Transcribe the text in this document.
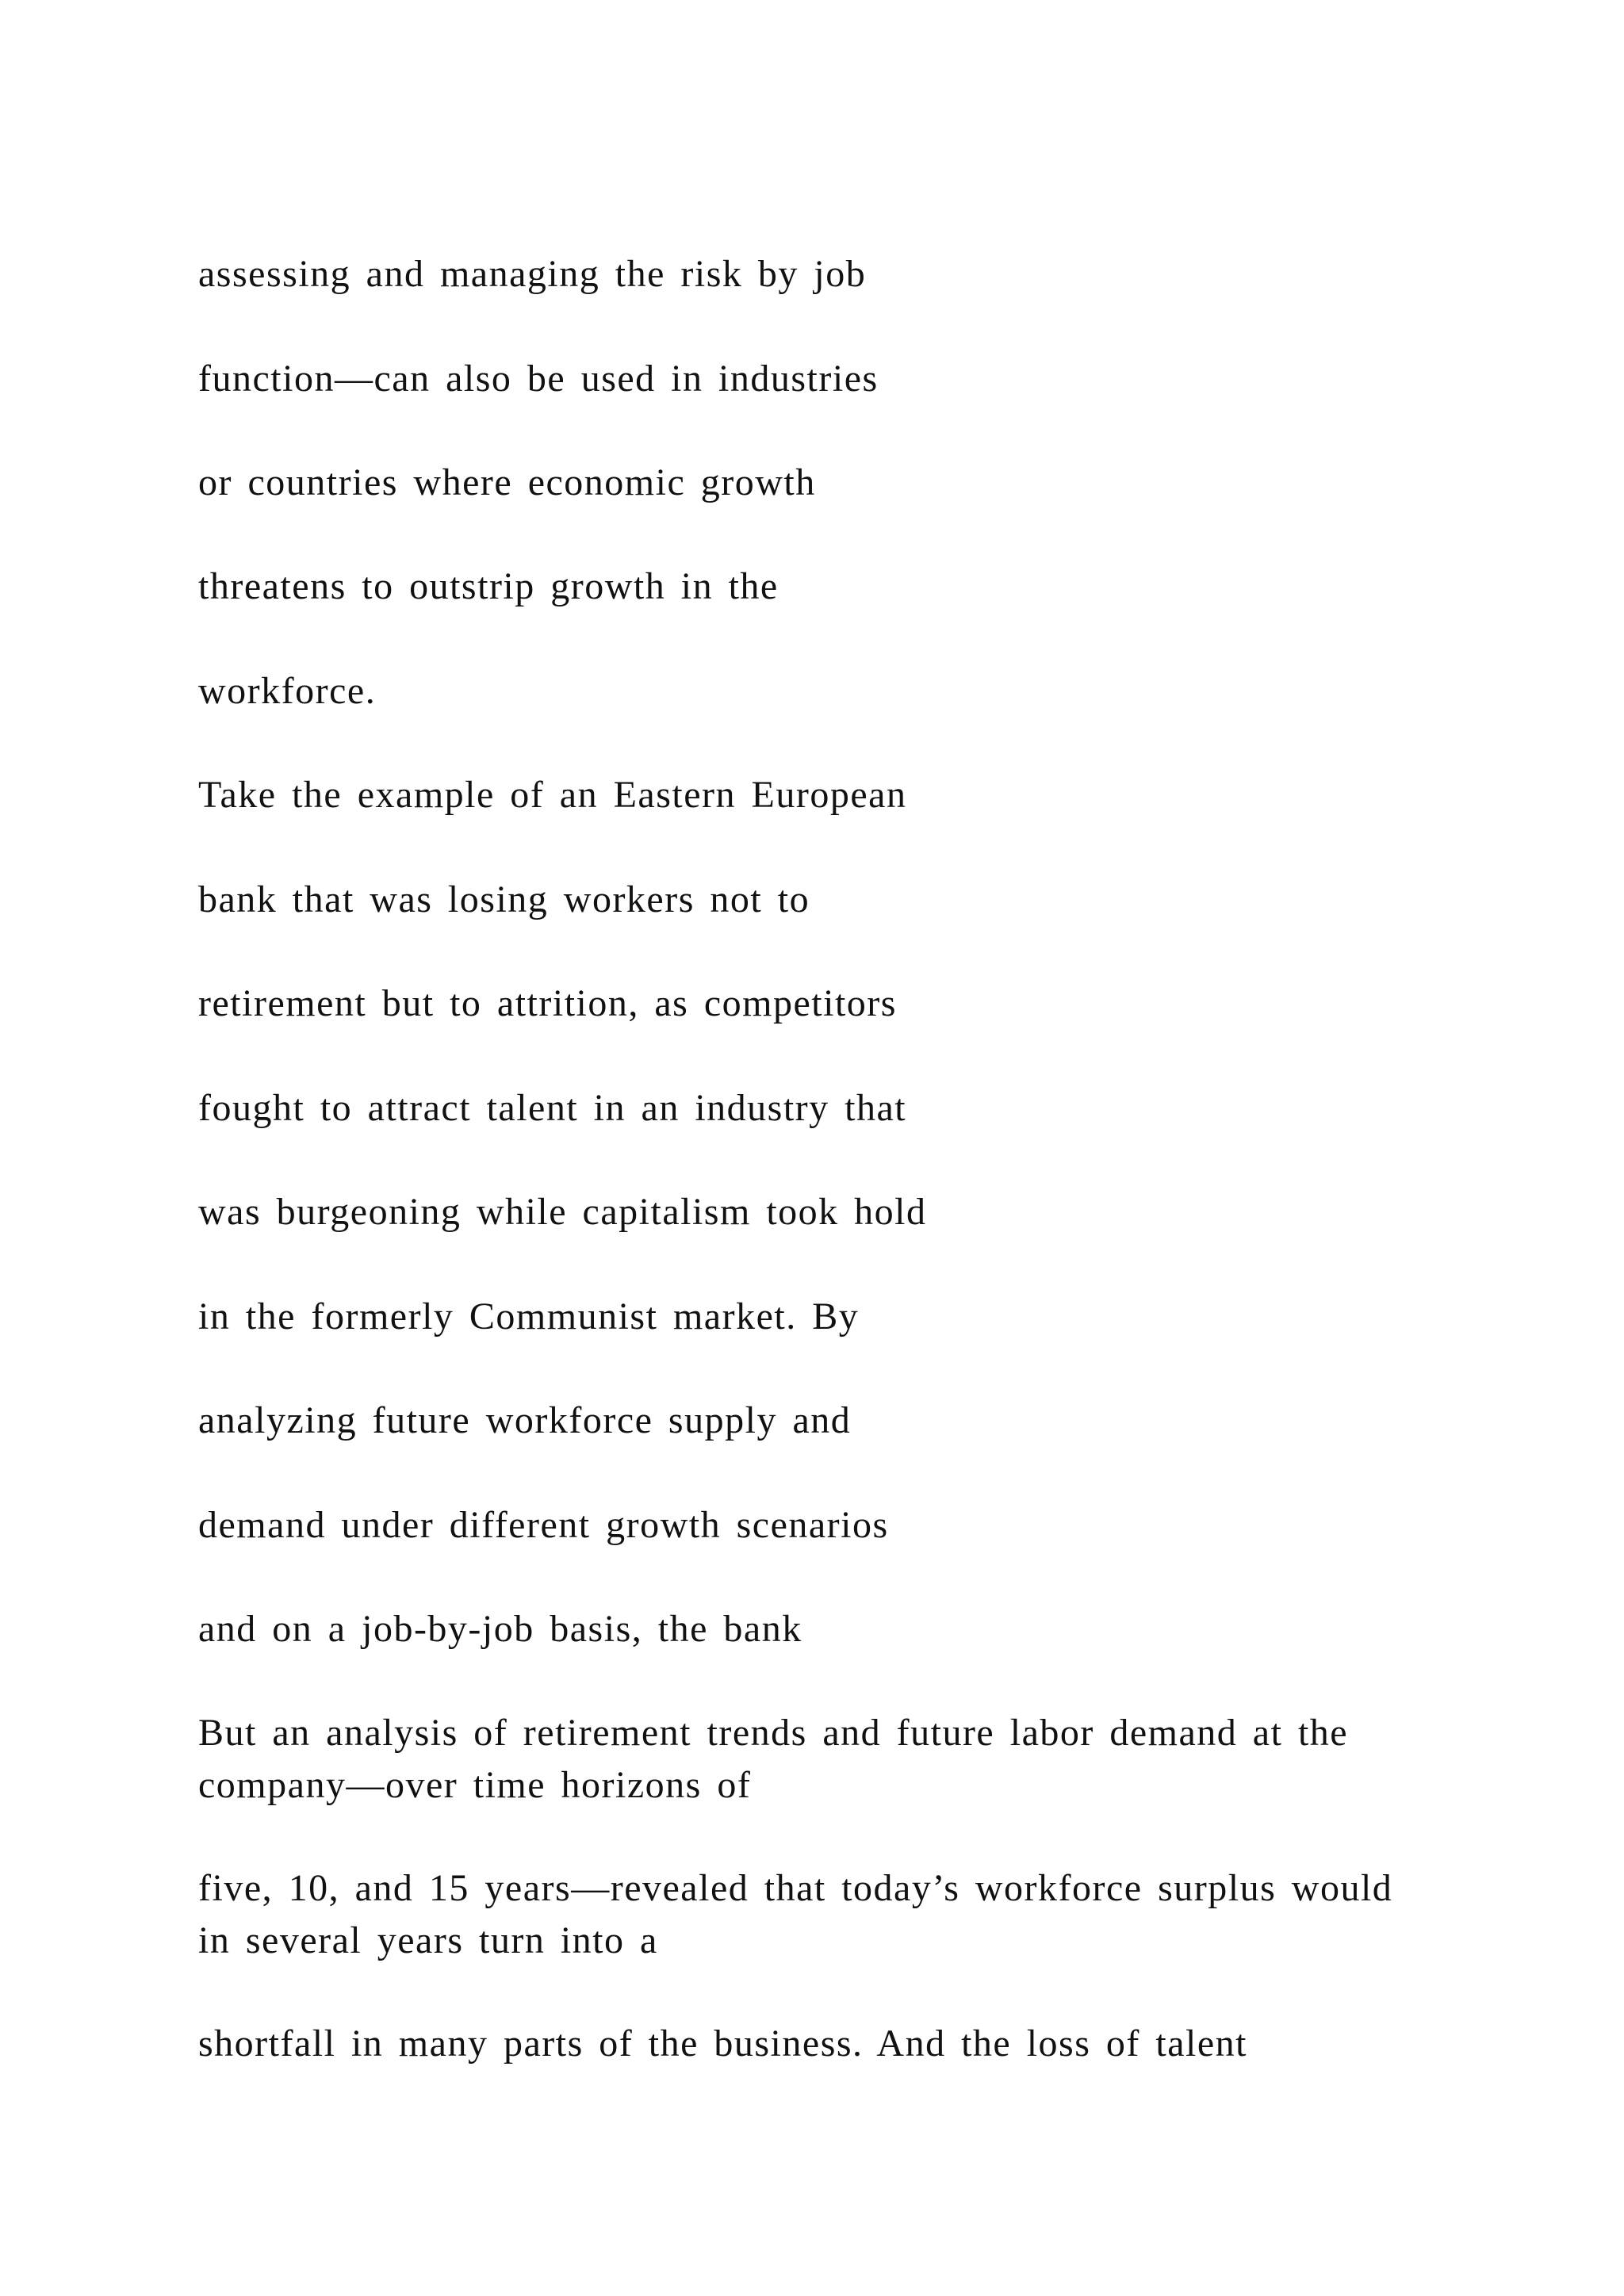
assessing and managing the risk by job
function—can also be used in industries
or countries where economic growth
threatens to outstrip growth in the
workforce.
Take the example of an Eastern European
bank that was losing workers not to
retirement but to attrition, as competitors
fought to attract talent in an industry that
was burgeoning while capitalism took hold
in the formerly Communist market. By
analyzing future workforce supply and
demand under different growth scenarios
and on a job-by-job basis, the bank
But an analysis of retirement trends and future labor demand at the company—over time horizons of
five, 10, and 15 years—revealed that today’s workforce surplus would in several years turn into a
shortfall in many parts of the business. And the loss of talent
